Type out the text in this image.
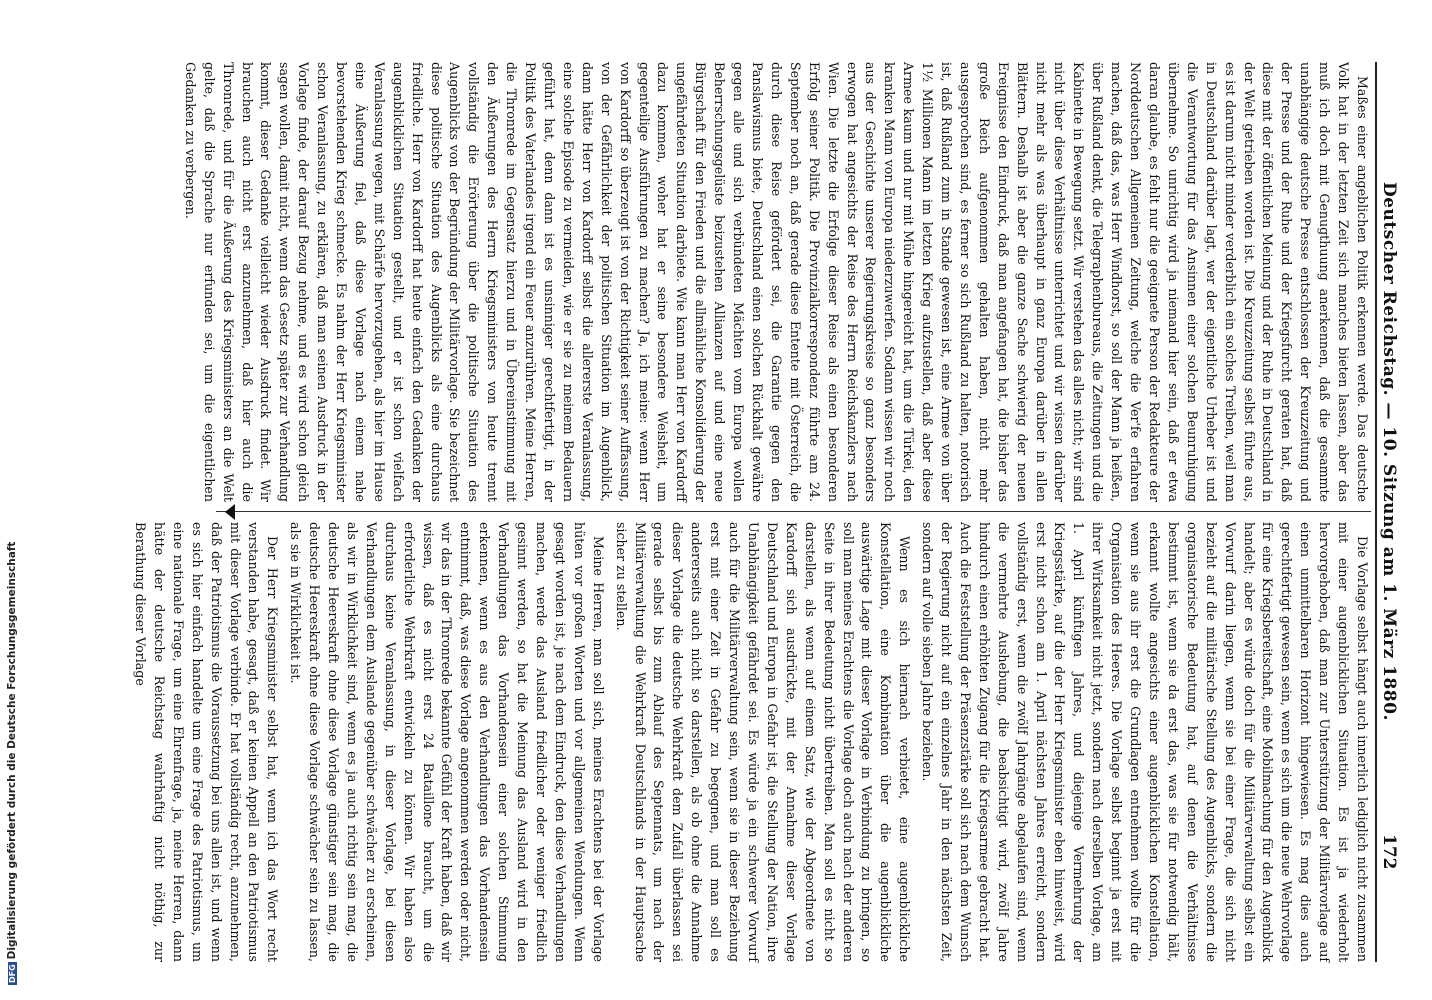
172
Deutscher Reichstag. — 10. Sitzung am 1. März 1880.

Maßes einer angeblichen Politik erkennen werde. Das deutsche Volk hat in der letzten Zeit sich manches bieten lassen, aber das muß ich doch mit Genugthuung anerkennen, daß die gesammte unabhängige deutsche Presse entschlossen der Kreuzzeitung und der Presse und der Ruhe und der Kriegsfurcht geraten hat, daß diese mit der öffentlichen Meinung und der Ruhe in Deutschland in der Welt getrieben worden ist. Die Kreuzzeitung selbst führte aus, es ist darum nicht minder verderblich ein solches Treiben, weil man in Deutschland darüber lagt, wer der eigentliche Urheber ist und die Verantwortung für das Ansinnen einer solchen Beunruhigung übernehme. So unrichtig wird ja niemand hier sein, daß er etwa daran glaube, es fehlt nur die geeignete Person der Redakteure der Norddeutschen Allgemeinen Zeitung, welche die Ver'fe erfahren machen, daß das, was Herr Windhorst, so soll der Mann ja heißen, über Rußland denkt, die Telegraphenbureaus, die Zeitungen und die Kabinette in Bewegung setzt. Wir verstehen das alles nicht; wir sind nicht über diese Verhältnisse unterrichtet und wir wissen darüber nicht mehr als was überhaupt in ganz Europa darüber in allen Blättern. Deshalb ist aber die ganze Sache schwierig der neuen Ereignisse den Eindruck, daß man angefangen hat, die bisher das große Reich aufgenommen gehalten haben, nicht mehr ausgesprochen sind, es ferner so sich Rußland zu halten, notorisch ist, daß Rußland zum in Stande gewesen ist, eine Armee von über 1½ Millionen Mann im letzten Krieg aufzustellen, daß aber diese Armee kaum und nur mit Mühe hingereicht hat, um die Türkei, den kranken Mann von Europa niederzuwerfen. Sodann wissen wir noch aus der Geschichte unserer Regierungskreise so ganz besonders erwogen hat angesichts der Reise des Herrn Reichskanzlers nach Wien. Die letzte die Erfolge dieser Reise als einen besonderen Erfolg seiner Politik. Die Provinzialkorrespondenz führte am 24. September noch an, daß gerade diese Entente mit Österreich, die durch diese Reise gefördert sei, die Garantie gegen den Panslawismus biete, Deutschland einen solchen Rückhalt gewähre gegen alle und sich verbündeten Mächten vom Europa wollen Beherrschungsgelüste beizustehen Allianzen auf und eine neue Bürgschaft für den Frieden und die allmähliche Konsolidierung der ungefährdeten Situation darbiete. Wie kann man Herr von Kardorff dazu kommen, woher hat er seine besondere Weisheit, um gegenteilige Ausführungen zu machen? Ja, ich meine: wenn Herr von Kardorff so überzeugt ist von der Richtigkeit seiner Auffassung, von der Gefährlichkeit der politischen Situation im Augenblick, dann hätte Herr von Kardorff selbst die allererste Veranlassung, eine solche Episode zu vermeiden, wie er sie zu meinem Bedauern geführt hat, denn dann ist es unsinniger gerechtfertigt, in der Politik des Vaterlandes irgend ein Feuer anzurühren. Meine Herren, die Thronrede im Gegensatz hierzu und in Übereinstimmung mit den Äußerungen des Herrn Kriegsministers von heute trennt vollständig die Erörterung über die politische Situation des Augenblicks von der Begründung der Militärvorlage. Sie bezeichnet diese politische Situation des Augenblicks als eine durchaus friedliche. Herr von Kardorff hat heute einfach den Gedanken der augenblicklichen Situation gestellt, und er ist schon vielfach Veranlassung wegen, mit Schärfe hervorzugehen, als hier im Hause eine Äußerung fiel, daß diese Vorlage nach einem nahe bevorstehenden Krieg schmecke. Es nahm der Herr Kriegsminister schon Veranlassung, zu erklären, daß man seinen Ausdruck in der Vorlage finde, der darauf Bezug nehme, und es wird schon gleich sagen wollen, damit nicht, wenn das Gesetz später zur Verhandlung kommt, dieser Gedanke vielleicht wieder Ausdruck findet. Wir brauchen auch nicht erst anzunehmen, daß hier auch die Thronrede, und für die Äußerung des Kriegsministers an die Welt gelte, daß die Sprache nur erfunden sei, um die eigentlichen Gedanken zu verbergen.

Die Vorlage selbst hängt auch innerlich lediglich nicht zusammen mit einer augenblicklichen Situation. Es ist ja wiederholt hervorgehoben, daß man zur Unterstützung der Militärvorlage auf einen unmittelbaren Horizont hingewiesen. Es mag dies auch gerechtfertigt gewesen sein, wenn es sich um die neue Wehrvorlage für eine Kriegsbereitschaft, eine Mobilmachung für den Augenblick handelt; aber es würde doch für die Militärverwaltung selbst ein Vorwurf darin liegen, wenn sie bei einer Frage, die sich nicht bezieht auf die militärische Stellung des Augenblicks, sondern die organisatorische Bedeutung hat, auf denen die Verhältnisse bestimmt ist, wenn sie da erst das, was sie für notwendig hält, erkannt wollte angesichts einer augenblicklichen Konstellation, wenn sie aus ihr erst die Grundlagen entnehmen wollte für die Organisation des Heeres. Die Vorlage selbst beginnt ja erst mit ihrer Wirksamkeit nicht jetzt, sondern nach derselben Vorlage, am 1. April künftigen Jahres, und diejenige Vermehrung der Kriegsstärke, auf die der Herr Kriegsminister eben hinweist, wird erst nicht schon am 1. April nächsten Jahres erreicht, sondern vollständig erst, wenn die zwölf Jahrgänge abgelaufen sind, wenn die vermehrte Aushebung, die beabsichtigt wird, zwölf Jahre hindurch einen erhöhten Zugang für die Kriegsarmee gebracht hat. Auch die Feststellung der Präsenzstärke soll sich nach dem Wunsch der Regierung nicht auf ein einzelnes Jahr in den nächsten Zeit, sondern auf volle sieben Jahre beziehen.

Wenn es sich hiernach verbietet, eine augenblickliche Konstellation, eine Kombination über die augenblickliche auswärtige Lage mit dieser Vorlage in Verbindung zu bringen, so soll man meines Erachtens die Vorlage doch auch nach der anderen Seite in ihrer Bedeutung nicht übertreiben. Man soll es nicht so darstellen, als wenn auf einem Satz, wie der Abgeordnete von Kardorff sich ausdrückte, mit der Annahme dieser Vorlage Deutschland und Europa in Gefahr ist, die Stellung der Nation, ihre Unabhängigkeit gefährdet sei. Es würde ja ein schwerer Vorwurf auch für die Militärverwaltung sein, wenn sie in dieser Beziehung erst mit einer Zeit in Gefahr zu begegnen, und man soll es andererseits auch nicht so darstellen, als ob ohne die Annahme dieser Vorlage die deutsche Wehrkraft dem Zufall überlassen sei gerade selbst bis zum Ablauf des Septennats, um nach der Militärverwaltung die Wehrkraft Deutschlands in der Hauptsache sicher zu stellen.

Meine Herren, man soll sich, meines Erachtens bei der Vorlage hüten vor großen Worten und vor allgemeinen Wendungen. Wenn gesagt worden ist, je nach dem Eindruck, den diese Verhandlungen machen, werde das Ausland friedlicher oder weniger friedlich gesinnt werden, so hat die Meinung das Ausland wird in den Verhandlungen das Vorhandensein einer solchen Stimmung erkennen, wenn es aus den Verhandlungen das Vorhandensein entnimmt, daß, was diese Vorlage angenommen werden oder nicht, wir das in der Thronrede bekannte Gefühl der Kraft haben, daß wir wissen, daß es nicht erst 24 Bataillone braucht, um die erforderliche Wehrkraft entwickeln zu können. Wir haben also durchaus keine Veranlassung, in dieser Vorlage, bei diesen Verhandlungen dem Auslande gegenüber schwächer zu erscheinen, als wir in Wirklichkeit sind, wenn es ja auch richtig sein mag, die deutsche Heereskraft ohne diese Vorlage günstiger sein mag, die deutsche Heereskraft ohne diese Vorlage schwächer sein zu lassen, als sie in Wirklichkeit ist.

Der Herr Kriegsminister selbst hat, wenn ich das Wort recht verstanden habe, gesagt, daß er keinen Appell an den Patriotismus mit dieser Vorlage verbinde. Er hat vollständig recht, anzunehmen, daß der Patriotismus die Voraussetzung bei uns allen ist, und wenn es sich hier einfach handelte um eine Frage des Patriotismus, um eine nationale Frage, um eine Ehrenfrage, ja, meine Herren, dann hätte der deutsche Reichstag wahrhaftig nicht nöthig, zur Berathung dieser Vorlage

DFGDigitalisierung gefördert durch die Deutsche Forschungsgemeinschaft
